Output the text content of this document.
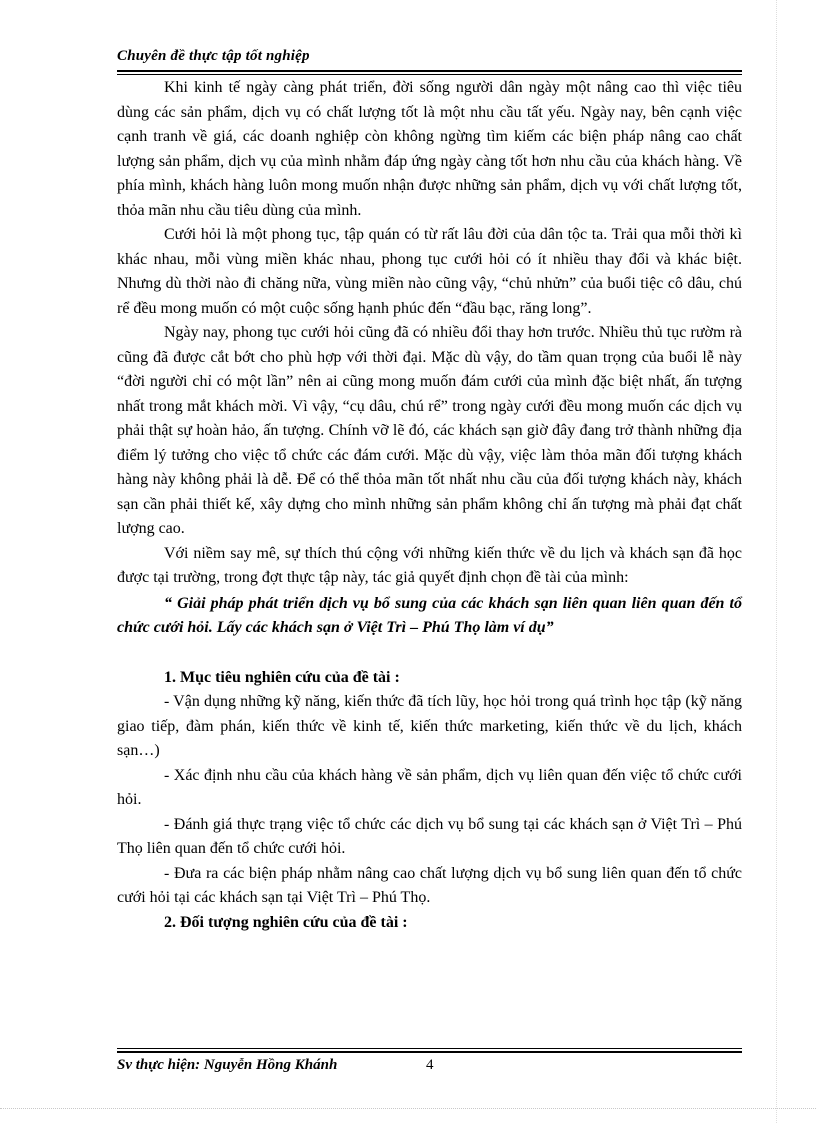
Chuyên đề thực tập tốt nghiệp

Khi kinh tế ngày càng phát triển, đời sống người dân ngày một nâng cao thì việc tiêu dùng các sản phẩm, dịch vụ có chất lượng tốt là một nhu cầu tất yếu. Ngày nay, bên cạnh việc cạnh tranh về giá, các doanh nghiệp còn không ngừng tìm kiếm các biện pháp nâng cao chất lượng sản phẩm, dịch vụ của mình nhằm đáp ứng ngày càng tốt hơn nhu cầu của khách hàng. Về phía mình, khách hàng luôn mong muốn nhận được những sản phẩm, dịch vụ với chất lượng tốt, thỏa mãn nhu cầu tiêu dùng của mình.

Cưới hỏi là một phong tục, tập quán có từ rất lâu đời của dân tộc ta. Trải qua mỗi thời kì khác nhau, mỗi vùng miền khác nhau, phong tục cưới hỏi có ít nhiều thay đổi và khác biệt. Nhưng dù thời nào đi chăng nữa, vùng miền nào cũng vậy, “chủ nhửn” của buổi tiệc cô dâu, chú rể đều mong muốn có một cuộc sống hạnh phúc đến “đầu bạc, răng long”.

Ngày nay, phong tục cưới hỏi cũng đã có nhiều đổi thay hơn trước. Nhiều thủ tục rườm rà cũng đã được cắt bớt cho phù hợp với thời đại. Mặc dù vậy, do tầm quan trọng của buổi lễ này “đời người chỉ có một lần” nên ai cũng mong muốn đám cưới của mình đặc biệt nhất, ấn tượng nhất trong mắt khách mời. Vì vậy, “cụ dâu, chú rể” trong ngày cưới đều mong muốn các dịch vụ phải thật sự hoàn hảo, ấn tượng. Chính vỡ lẽ đó, các khách sạn giờ đây đang trở thành những địa điểm lý tưởng cho việc tổ chức các đám cưới. Mặc dù vậy, việc làm thỏa mãn đối tượng khách hàng này không phải là dễ. Để có thể thỏa mãn tốt nhất nhu cầu của đối tượng khách này, khách sạn cần phải thiết kế, xây dựng cho mình những sản phẩm không chỉ ấn tượng mà phải đạt chất lượng cao.

Với niềm say mê, sự thích thú cộng với những kiến thức về du lịch và khách sạn đã học được tại trường, trong đợt thực tập này, tác giả quyết định chọn đề tài của mình:

“ Giải pháp phát triển dịch vụ bổ sung của các khách sạn liên quan liên quan đến tổ chức cưới hỏi. Lấy các khách sạn ở Việt Trì – Phú Thọ làm ví dụ”

1. Mục tiêu nghiên cứu của đề tài :

- Vận dụng những kỹ năng, kiến thức đã tích lũy, học hỏi trong quá trình học tập (kỹ năng giao tiếp, đàm phán, kiến thức về kinh tế, kiến thức marketing, kiến thức về du lịch, khách sạn…)

- Xác định nhu cầu của khách hàng về sản phẩm, dịch vụ liên quan đến việc tổ chức cưới hỏi.

- Đánh giá thực trạng việc tổ chức các dịch vụ bổ sung tại các khách sạn ở Việt Trì – Phú Thọ liên quan đến tổ chức cưới hỏi.

- Đưa ra các biện pháp nhằm nâng cao chất lượng dịch vụ bổ sung liên quan đến tổ chức cưới hỏi tại các khách sạn tại Việt Trì – Phú Thọ.

2. Đối tượng nghiên cứu của đề tài :
Sv thực hiện: Nguyễn Hồng Khánh	4
